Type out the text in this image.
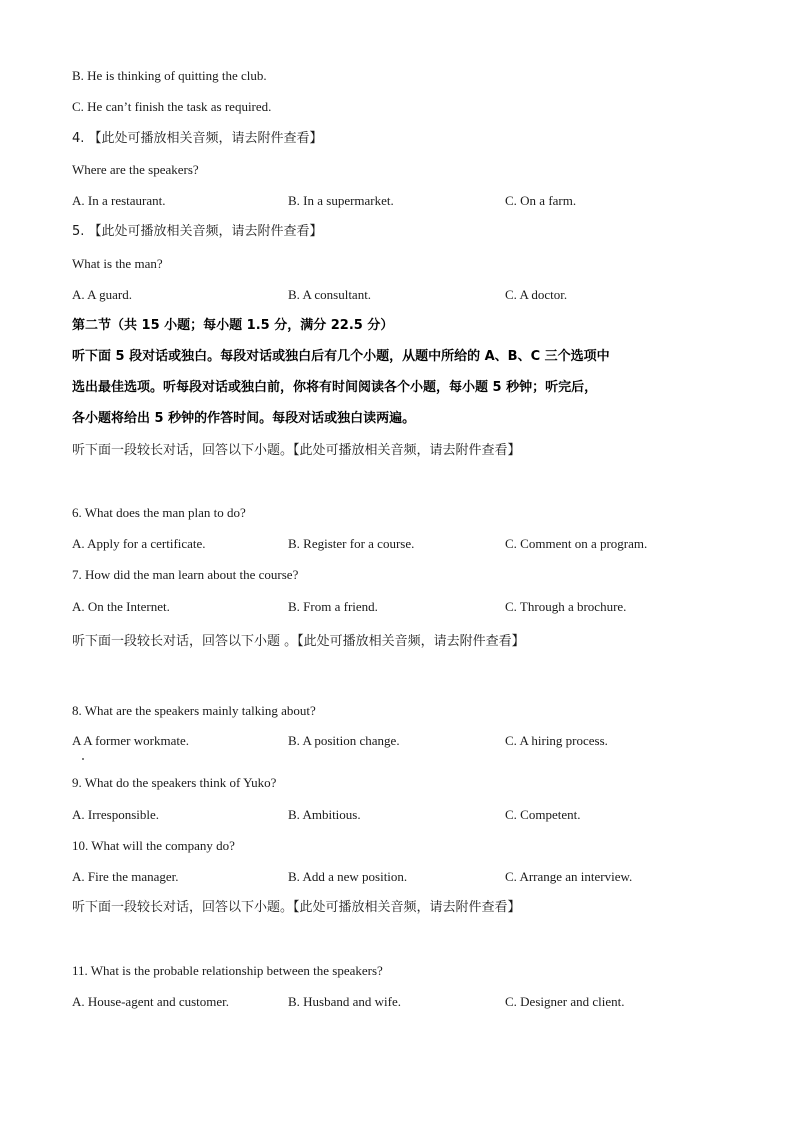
B. He is thinking of quitting the club.
C. He can’t finish the task as required.
4. 【此处可播放相关音频，请去附件查看】
Where are the speakers?
A. In a restaurant.	B. In a supermarket.	C. On a farm.
5. 【此处可播放相关音频，请去附件查看】
What is the man?
A. A guard.	B. A consultant.	C. A doctor.
第二节（共 15 小题；每小题 1.5 分，满分 22.5 分）
听下面 5 段对话或独白。每段对话或独白后有几个小题，从题中所给的 A、B、C 三个选项中
选出最佳选项。听每段对话或独白前，你将有时间阅读各个小题，每小题 5 秒钟；听完后，
各小题将给出 5 秒钟的作答时间。每段对话或独白读两遍。
听下面一段较长对话，回答以下小题。【此处可播放相关音频，请去附件查看】
6. What does the man plan to do?
A. Apply for a certificate.	B. Register for a course.	C. Comment on a program.
7. How did the man learn about the course?
A. On the Internet.	B. From a friend.	C. Through a brochure.
听下面一段较长对话，回答以下小题 。【此处可播放相关音频，请去附件查看】
8. What are the speakers mainly talking about?
A A former workmate.	B. A position change.	C. A hiring process.
9. What do the speakers think of Yuko?
A. Irresponsible.	B. Ambitious.	C. Competent.
10. What will the company do?
A. Fire the manager.	B. Add a new position.	C. Arrange an interview.
听下面一段较长对话，回答以下小题。【此处可播放相关音频，请去附件查看】
11. What is the probable relationship between the speakers?
A. House-agent and customer.	B. Husband and wife.	C. Designer and client.
